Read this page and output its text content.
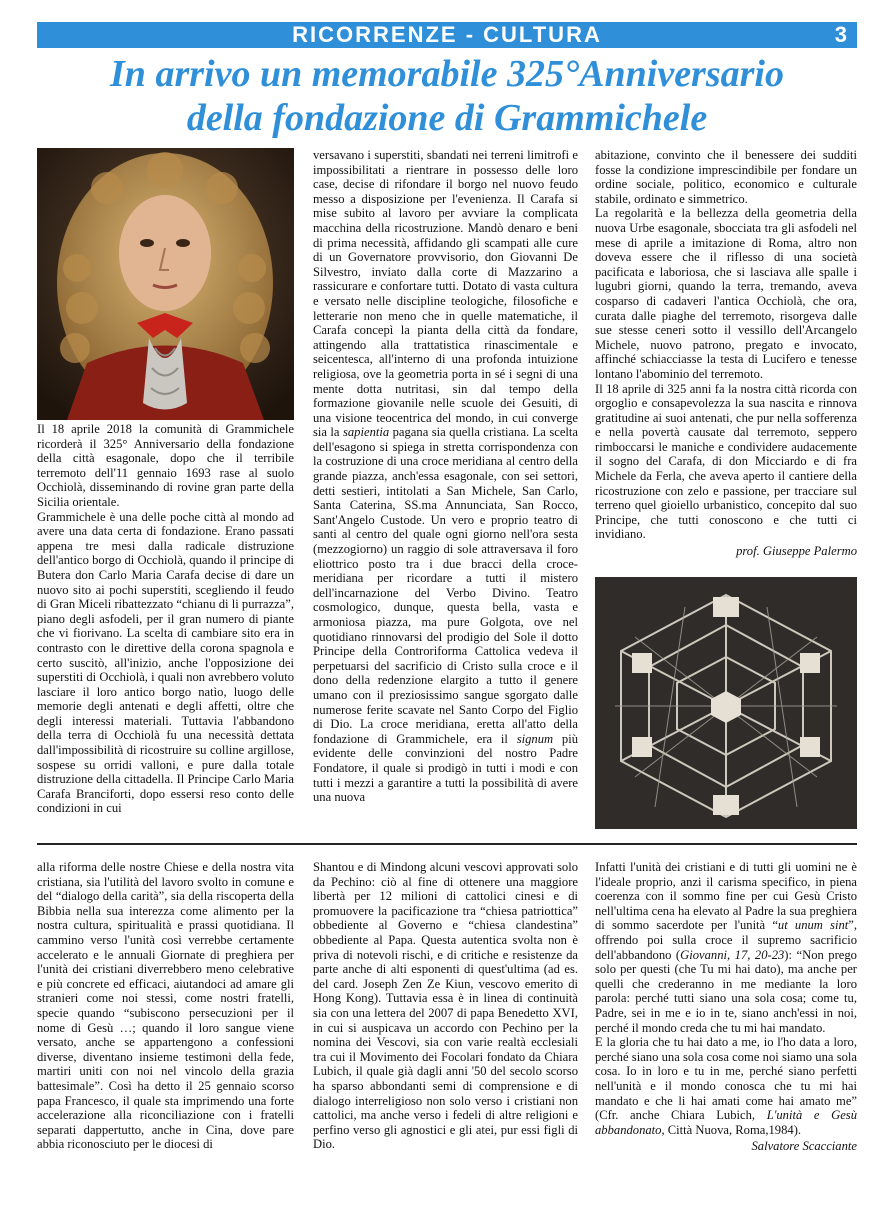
RICORRENZE - CULTURA	3
In arrivo un memorabile 325°Anniversario
della fondazione di Grammichele

Il 18 aprile 2018 la comunità di Grammichele ricorderà il 325° Anniversario della fondazione della città esagonale, dopo che il terribile terremoto dell'11 gennaio 1693 rase al suolo Occhiolà, disseminando di rovine gran parte della Sicilia orientale.

Grammichele è una delle poche città al mondo ad avere una data certa di fondazione. Erano passati appena tre mesi dalla radicale distruzione dell'antico borgo di Occhiolà, quando il principe di Butera don Carlo Maria Carafa decise di dare un nuovo sito ai pochi superstiti, scegliendo il feudo di Gran Miceli ribattezzato “chianu di li purrazza”, piano degli asfodeli, per il gran numero di piante che vi fiorivano. La scelta di cambiare sito era in contrasto con le direttive della corona spagnola e certo suscitò, all'inizio, anche l'opposizione dei superstiti di Occhiolà, i quali non avrebbero voluto lasciare il loro antico borgo natìo, luogo delle memorie degli antenati e degli affetti, oltre che degli interessi materiali. Tuttavia l'abbandono della terra di Occhiolà fu una necessità dettata dall'impossibilità di ricostruire su colline argillose, sospese su orridi valloni, e pure dalla totale distruzione della cittadella. Il Principe Carlo Maria Carafa Branciforti, dopo essersi reso conto delle condizioni in cui

versavano i superstiti, sbandati nei terreni limitrofi e impossibilitati a rientrare in possesso delle loro case, decise di rifondare il borgo nel nuovo feudo messo a disposizione per l'evenienza. Il Carafa si mise subito al lavoro per avviare la complicata macchina della ricostruzione. Mandò denaro e beni di prima necessità, affidando gli scampati alle cure di un Governatore provvisorio, don Giovanni De Silvestro, inviato dalla corte di Mazzarino a rassicurare e confortare tutti. Dotato di vasta cultura e versato nelle discipline teologiche, filosofiche e letterarie non meno che in quelle matematiche, il Carafa concepì la pianta della città da fondare, attingendo alla trattatistica rinascimentale e seicentesca, all'interno di una profonda intuizione religiosa, ove la geometria porta in sé i segni di una mente dotta nutritasi, sin dal tempo della formazione giovanile nelle scuole dei Gesuiti, di una visione teocentrica del mondo, in cui converge sia la sapientia pagana sia quella cristiana. La scelta dell'esagono si spiega in stretta corrispondenza con la costruzione di una croce meridiana al centro della grande piazza, anch'essa esagonale, con sei settori, detti sestieri, intitolati a San Michele, San Carlo, Santa Caterina, SS.ma Annunciata, San Rocco, Sant'Angelo Custode. Un vero e proprio teatro di santi al centro del quale ogni giorno nell'ora sesta (mezzogiorno) un raggio di sole attraversava il foro eliottrico posto tra i due bracci della croce-meridiana per ricordare a tutti il mistero dell'incarnazione del Verbo Divino. Teatro cosmologico, dunque, questa bella, vasta e armoniosa piazza, ma pure Golgota, ove nel quotidiano rinnovarsi del prodigio del Sole il dotto Principe della Controriforma Cattolica vedeva il perpetuarsi del sacrificio di Cristo sulla croce e il dono della redenzione elargito a tutto il genere umano con il preziosissimo sangue sgorgato dalle numerose ferite scavate nel Santo Corpo del Figlio di Dio. La croce meridiana, eretta all'atto della fondazione di Grammichele, era il signum più evidente delle convinzioni del nostro Padre Fondatore, il quale si prodigò in tutti i modi e con tutti i mezzi a garantire a tutti la possibilità di avere una nuova

abitazione, convinto che il benessere dei sudditi fosse la condizione imprescindibile per fondare un ordine sociale, politico, economico e culturale stabile, ordinato e simmetrico.

La regolarità e la bellezza della geometria della nuova Urbe esagonale, sbocciata tra gli asfodeli nel mese di aprile a imitazione di Roma, altro non doveva essere che il riflesso di una società pacificata e laboriosa, che si lasciava alle spalle i lugubri giorni, quando la terra, tremando, aveva cosparso di cadaveri l'antica Occhiolà, che ora, curata dalle piaghe del terremoto, risorgeva dalle sue stesse ceneri sotto il vessillo dell'Arcangelo Michele, nuovo patrono, pregato e invocato, affinché schiacciasse la testa di Lucifero e tenesse lontano l'abominio del terremoto.

Il 18 aprile di 325 anni fa la nostra città ricorda con orgoglio e consapevolezza la sua nascita e rinnova gratitudine ai suoi antenati, che pur nella sofferenza e nella povertà causate dal terremoto, seppero rimboccarsi le maniche e condividere audacemente il sogno del Carafa, di don Micciardo e di fra Michele da Ferla, che aveva aperto il cantiere della ricostruzione con zelo e passione, per tracciare sul terreno quel gioiello urbanistico, concepito dal suo Principe, che tutti conoscono e che tutti ci invidiano.

prof. Giuseppe Palermo

alla riforma delle nostre Chiese e della nostra vita cristiana, sia l'utilità del lavoro svolto in comune e del “dialogo della carità”, sia della riscoperta della Bibbia nella sua interezza come alimento per la nostra cultura, spiritualità e prassi quotidiana. Il cammino verso l'unità così verrebbe certamente accelerato e le annuali Giornate di preghiera per l'unità dei cristiani diverrebbero meno celebrative e più concrete ed efficaci, aiutandoci ad amare gli stranieri come noi stessi, come nostri fratelli, specie quando “subiscono persecuzioni per il nome di Gesù …; quando il loro sangue viene versato, anche se appartengono a confessioni diverse, diventano insieme testimoni della fede, martiri uniti con noi nel vincolo della grazia battesimale”. Così ha detto il 25 gennaio scorso papa Francesco, il quale sta imprimendo una forte accelerazione alla riconciliazione con i fratelli separati dappertutto, anche in Cina, dove pare abbia riconosciuto per le diocesi di

Shantou e di Mindong alcuni vescovi approvati solo da Pechino: ciò al fine di ottenere una maggiore libertà per 12 milioni di cattolici cinesi e di promuovere la pacificazione tra “chiesa patriottica” obbediente al Governo e “chiesa clandestina” obbediente al Papa. Questa autentica svolta non è priva di notevoli rischi, e di critiche e resistenze da parte anche di alti esponenti di quest'ultima (ad es. del card. Joseph Zen Ze Kiun, vescovo emerito di Hong Kong). Tuttavia essa è in linea di continuità sia con una lettera del 2007 di papa Benedetto XVI, in cui si auspicava un accordo con Pechino per la nomina dei Vescovi, sia con varie realtà ecclesiali tra cui il Movimento dei Focolari fondato da Chiara Lubich, il quale già dagli anni '50 del secolo scorso ha sparso abbondanti semi di comprensione e di dialogo interreligioso non solo verso i cristiani non cattolici, ma anche verso i fedeli di altre religioni e perfino verso gli agnostici e gli atei, pur essi figli di Dio.

Infatti l'unità dei cristiani e di tutti gli uomini ne è l'ideale proprio, anzi il carisma specifico, in piena coerenza con il sommo fine per cui Gesù Cristo nell'ultima cena ha elevato al Padre la sua preghiera di sommo sacerdote per l'unità “ut unum sint”, offrendo poi sulla croce il supremo sacrificio dell'abbandono (Giovanni, 17, 20-23): “Non prego solo per questi (che Tu mi hai dato), ma anche per quelli che crederanno in me mediante la loro parola: perché tutti siano una sola cosa; come tu, Padre, sei in me e io in te, siano anch'essi in noi, perché il mondo creda che tu mi hai mandato.

E la gloria che tu hai dato a me, io l'ho data a loro, perché siano una sola cosa come noi siamo una sola cosa. Io in loro e tu in me, perché siano perfetti nell'unità e il mondo conosca che tu mi hai mandato e che li hai amati come hai amato me” (Cfr. anche Chiara Lubich, L'unità e Gesù abbandonato, Città Nuova, Roma,1984).

Salvatore Scacciante
